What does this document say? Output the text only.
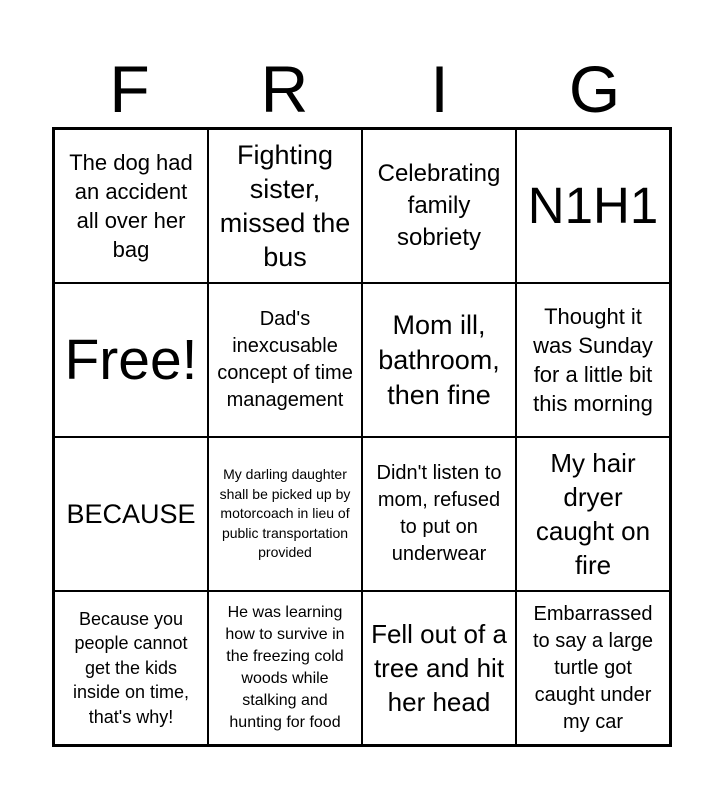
F	R	I	G
The dog had an accident all over her bag
Fighting sister, missed the bus
Celebrating family sobriety
N1H1
Free!
Dad's inexcusable concept of time management
Mom ill, bathroom, then fine
Thought it was Sunday for a little bit this morning
BECAUSE
My darling daughter shall be picked up by motorcoach in lieu of public transportation provided
Didn't listen to mom, refused to put on underwear
My hair dryer caught on fire
Because you people cannot get the kids inside on time, that's why!
He was learning how to survive in the freezing cold woods while stalking and hunting for food
Fell out of a tree and hit her head
Embarrassed to say a large turtle got caught under my car
